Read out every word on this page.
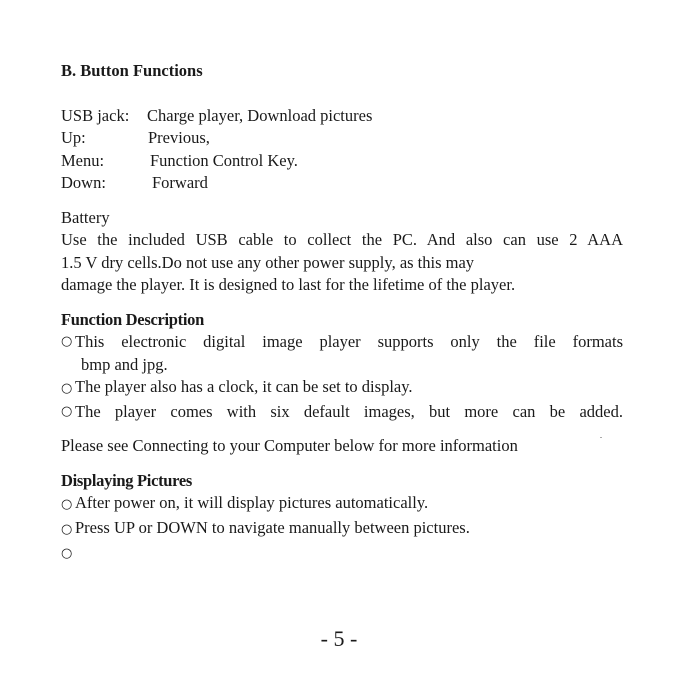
B. Button Functions

USB jack:	Charge player, Download pictures
Up:	Previous,
Menu:	Function Control Key.
Down:	Forward

Battery

Use the included USB cable to collect the PC. And also can use 2 AAA

1.5 V dry cells.Do not use any other power supply, as this may

damage the player. It is designed to last for the lifetime of the player.

Function Description

○ This electronic digital image player supports only the file formats
bmp and jpg.
○ The player also has a clock, it can be set to display.
○ The player comes with six default images, but more can be added.

Please see Connecting to your Computer below for more information

Displaying Pictures

○ After power on, it will display pictures automatically.
○ Press UP or DOWN to navigate manually between pictures.
○
.
- 5 -
